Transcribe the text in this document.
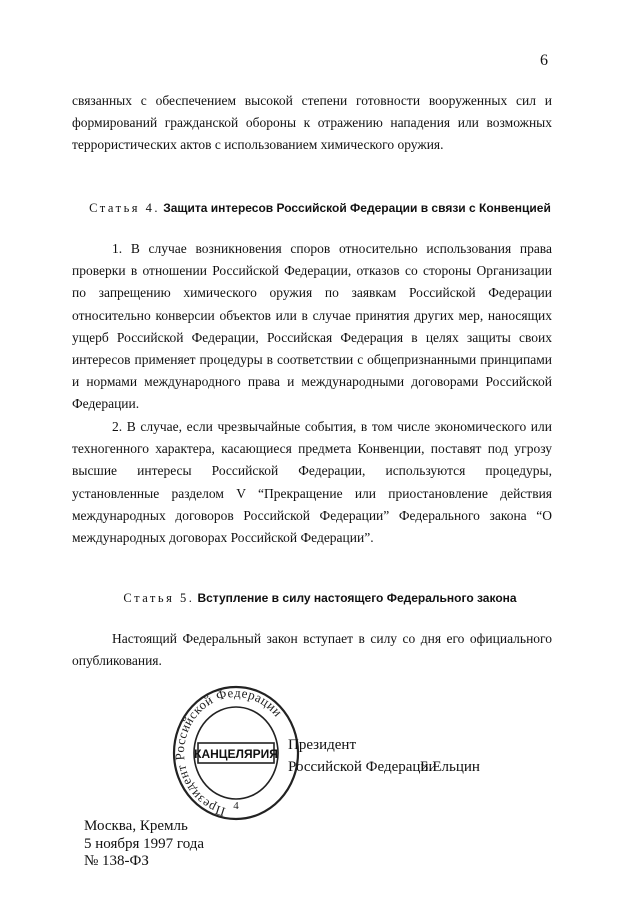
6

связанных с обеспечением высокой степени готовности вооруженных сил и
формирований гражданской обороны к отражению нападения или возможных
террористических актов с использованием химического оружия.

Статья 4. Защита интересов Российской Федерации в связи с Конвенцией

1. В случае возникновения споров относительно использования права
проверки в отношении Российской Федерации, отказов со стороны Организации
по запрещению химического оружия по заявкам Российской Федерации
относительно конверсии объектов или в случае принятия других мер, наносящих
ущерб Российской Федерации, Российская Федерация в целях защиты своих
интересов применяет процедуры в соответствии с общепризнанными принципами
и нормами международного права и международными договорами Российской
Федерации.

2. В случае, если чрезвычайные события, в том числе экономического или
техногенного характера, касающиеся предмета Конвенции, поставят под угрозу
высшие интересы Российской Федерации, используются процедуры,
установленные разделом V “Прекращение или приостановление действия
международных договоров Российской Федерации” Федерального закона “О
международных договорах Российской Федерации”.

Статья 5. Вступление в силу настоящего Федерального закона

Настоящий Федеральный закон вступает в силу со дня его официального
опубликования.

Президент Российской Федерации
КАНЦЕЛЯРИЯ
4
Президент
Российской Федерации
Б.Ельцин
Москва, Кремль
5 ноября 1997 года
№ 138-ФЗ
